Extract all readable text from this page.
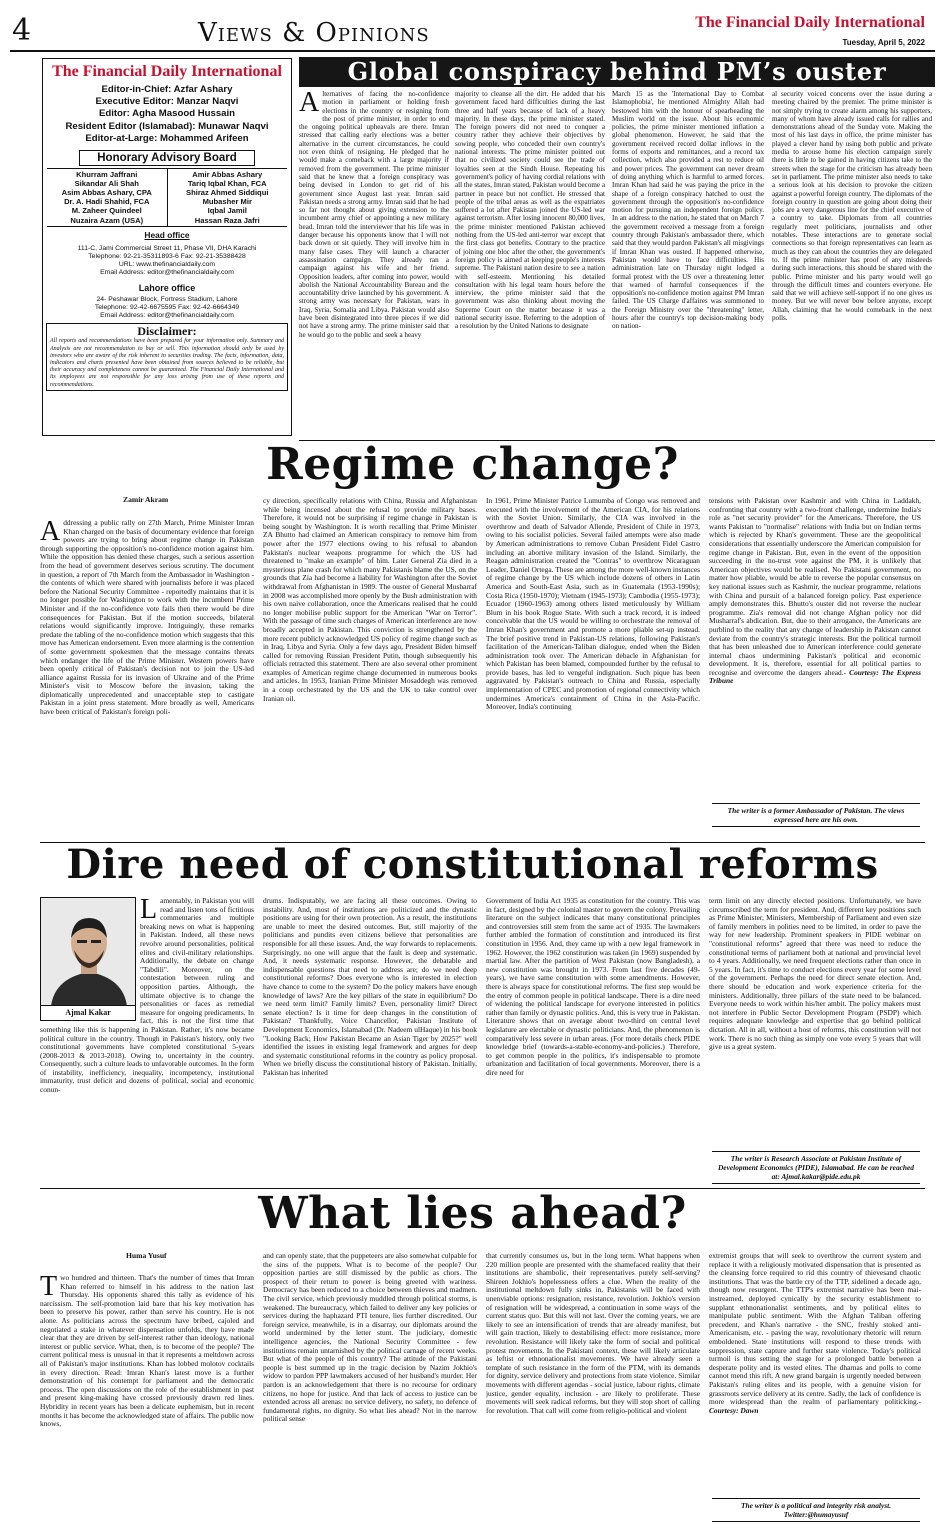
4	Views & Opinions	The Financial Daily International
Tuesday, April 5, 2022
The Financial Daily International
Editor-in-Chief: Azfar Ashary
Executive Editor: Manzar Naqvi
Editor: Agha Masood Hussain
Resident Editor (Islamabad): Munawar Naqvi
Editor-at-Large: Mohammed Arifeen
Honorary Advisory Board
Khurram Jaffrani
Sikandar Ali Shah
Asim Abbas Ashary, CPA
Dr. A. Hadi Shahid, FCA
M. Zaheer Quindeel
Nuzaira Azam (USA)
Amir Abbas Ashary
Tariq Iqbal Khan, FCA
Shiraz Ahmed Siddiqui
Mubasher Mir
Iqbal Jamil
Hassan Raza Jafri
Head office
111-C, Jami Commercial Street 11, Phase VII, DHA Karachi
Telephone: 92-21-35311893-6 Fax: 92-21-35388428
URL: www.thefinancialdaily.com
Email Address: editor@thefinancialdaily.com
Lahore office
24- Peshawar Block, Fortress Stadium, Lahore
Telephone: 92-42-6675595 Fax: 92-42-6664349
Email Address: editor@thefinancialdaily.com
Disclaimer:
All reports and recommendations have been prepared for your information only. Summary and Analysis are not recommendation to buy or sell. This information should only be used by investors who are aware of the risk inherent in securities trading. The facts, information, data, indicators and charts presented have been obtained from sources believed to be reliable, but their accuracy and completeness cannot be guaranteed. The Financial Daily International and its employees are not responsible for any loss arising from use of these reports and recommendations.
Global conspiracy behind PM’s ouster
A lternatives of facing the no-confidence motion in parliament or holding fresh elections in the country or resigning from the post of prime minister, in order to end the ongoing political upheavals are there. Imran stressed that calling early elections was a better alternative in the current circumstances, he could not even think of resigning. He pledged that he would make a comeback with a large majority if removed from the government. The prime minister said that he knew that a foreign conspiracy was being devised in London to get rid of his government since August last year. Imran said Pakistan needs a strong army. Imran said that he had so far not thought about giving extension to the incumbent army chief or appointing a new military head. Imran told the interviewer that his life was in danger because his opponents know that I will not back down or sit quietly. They will involve him in many false cases. They will launch a character assassination campaign. They already ran a campaign against his wife and her friend. Opposition leaders, after coming into power, would abolish the National Accountability Bureau and the accountability drive launched by his government. A strong army was necessary for Pakistan, wars in Iraq, Syria, Somalia and Libya. Pakistan would also have been disintegrated into three pieces if we did not have a strong army. The prime minister said that he would go to the public and seek a heavy
majority to cleanse all the dirt. He added that his government faced hard difficulties during the last three and half years because of lack of a heavy majority. In these days, the prime minister stated. The foreign powers did not need to conquer a country rather they achieve their objectives by sowing people, who conceded their own country's national interests. The prime minister pointed out that no civilized society could see the trade of loyalties seen at the Sindh House. Repeating his government's policy of having cordial relations with all the states, Imran stated, Pakistan would become a partner in peace but not conflict. He stressed that people of the tribal areas as well as the expatriates suffered a lot after Pakistan joined the US-led war against terrorism. After losing innocent 80,000 lives, the prime minister mentioned Pakistan achieved nothing from the US-led anti-terror war except that the first class got benefits. Contrary to the practice of joining one bloc after the other, the government's foreign policy is aimed at keeping people's interests supreme. The Pakistani nation desire to see a nation with self-esteem. Mentioning his detailed consultation with his legal team hours before the interview, the prime minister said that the government was also thinking about moving the Supreme Court on the matter because it was a national security issue. Referring to the adoption of a resolution by the United Nations to designate
March 15 as the 'International Day to Combat Islamophobia', he mentioned Almighty Allah had bestowed him with the honour of spearheading the Muslim world on the issue. About his economic policies, the prime minister mentioned inflation a global phenomenon. However, he said that the government received record dollar inflows in the forms of exports and remittances, and a record tax collection, which also provided a rest to reduce oil and power prices. The government can never dream of doing anything which is harmful to armed forces. Imran Khan had said he was paying the price in the shape of a foreign conspiracy hatched to oust the government through the opposition's no-confidence motion for pursuing an independent foreign policy. In an address to the nation, he stated that on March 7 the government received a message from a foreign country through Pakistan's ambassador there, which said that they would pardon Pakistan's all misgivings if Imran Khan was ousted. If happened otherwise, Pakistan would have to face difficulties. His administration late on Thursday night lodged a formal protest with the US over a threatening letter that warned of harmful consequences if the opposition's no-confidence motion against PM Imran failed. The US Charge d'affaires was summoned to the Foreign Ministry over the "threatening" letter, hours after the country's top decision-making body on nation-
al security voiced concerns over the issue during a meeting chaired by the premier. The prime minister is not simply trying to create alarm among his supporters, many of whom have already issued calls for rallies and demonstrations ahead of the Sunday vote. Making the most of his last days in office, the prime minister has played a clever hand by using both public and private media to arouse home his election campaign surely there is little to be gained in having citizens take to the streets when the stage for the criticism has already been set in parliament. The prime minister also needs to take a serious look at his decision to provoke the citizen against a powerful foreign country. The diplomats of the foreign country in question are going about doing their jobs are a very dangerous line for the chief executive of a country to take. Diplomats from all countries regularly meet politicians, journalists and other notables. These interactions are to generate social connections so that foreign representatives can learn as much as they can about the countries they are delegated to. If the prime minister has proof of any misdeeds during such interactions, this should be shared with the public. Prime minister and his party would well go through the difficult times and counters everyone. He said that we will achieve self-support if no one gives us money. But we will never bow before anyone, except Allah, claiming that he would comeback in the next polls.
Regime change?
Zamir Akram
A ddressing a public rally on 27th March, Prime Minister Imran Khan charged on the basis of documentary evidence that foreign powers are trying to bring about regime change in Pakistan through supporting the opposition's no-confidence motion against him. While the opposition has denied these charges, such a serious assertion from the head of government deserves serious scrutiny. The document in question, a report of 7th March from the Ambassador in Washington - the contents of which were shared with journalists before it was placed before the National Security Committee - reportedly maintains that it is no longer possible for Washington to work with the incumbent Prime Minister and if the no-confidence vote fails then there would be dire consequences for Pakistan. But if the motion succeeds, bilateral relations would significantly improve. Intriguingly, these remarks predate the tabling of the no-confidence motion which suggests that this move has American endorsement. Even more alarming is the contention of some government spokesmen that the message contains threats which endanger the life of the Prime Minister. Western powers have been openly critical of Pakistan's decision not to join the US-led alliance against Russia for its invasion of Ukraine and of the Prime Minister's visit to Moscow before the invasion, taking the diplomatically unprecedented and unacceptable step to castigate Pakistan in a joint press statement. More broadly as well, Americans have been critical of Pakistan's foreign poli-
cy direction, specifically relations with China, Russia and Afghanistan while being incensed about the refusal to provide military bases. Therefore, it would not be surprising if regime change in Pakistan is being sought by Washington. It is worth recalling that Prime Minister ZA Bhutto had claimed an American conspiracy to remove him from power after the 1977 elections owing to his refusal to abandon Pakistan's nuclear weapons programme for which the US had threatened to "make an example" of him. Later General Zia died in a mysterious plane crash for which many Pakistanis blame the US, on the grounds that Zia had become a liability for Washington after the Soviet withdrawal from Afghanistan in 1989. The ouster of General Musharraf in 2008 was accomplished more openly by the Bush administration with his own naive collaboration, once the Americans realised that he could no longer mobilise public support for the American "War on Terror". With the passage of time such charges of American interference are now broadly accepted in Pakistan. This conviction is strengthened by the more recent publicly acknowledged US policy of regime change such as in Iraq, Libya and Syria. Only a few days ago, President Biden himself called for removing Russian President Putin, though subsequently his officials retracted this statement. There are also several other prominent examples of American regime change documented in numerous books and articles. In 1953, Iranian Prime Minister Mosaddegh was removed in a coup orchestrated by the US and the UK to take control over Iranian oil.
In 1961, Prime Minister Patrice Lumumba of Congo was removed and executed with the involvement of the American CIA, for his relations with the Soviet Union. Similarly, the CIA was involved in the overthrow and death of Salvador Allende, President of Chile in 1973, owing to his socialist policies. Several failed attempts were also made by American administrations to remove Cuban President Fidel Castro including an abortive military invasion of the Island. Similarly, the Reagan administration created the "Contras" to overthrow Nicaraguan Leader, Daniel Ortega. These are among the more well-known instances of regime change by the US which include dozens of others in Latin America and South-East Asia, such as in Guatemala (1953-1990s); Costa Rica (1950-1970); Vietnam (1945-1973); Cambodia (1955-1973); Ecuador (1960-1963) among others listed meticulously by William Blum in his book Rogue State. With such a track record, it is indeed conceivable that the US would be willing to orchestrate the removal of Imran Khan's government and promote a more pliable set-up instead. The brief positive trend in Pakistan-US relations, following Pakistan's facilitation of the American-Taliban dialogue, ended when the Biden administration took over. The American debacle in Afghanistan for which Pakistan has been blamed, compounded further by the refusal to provide bases, has led to vengeful indignation. Such pique has been aggravated by Pakistan's outreach to China and Russia, especially implementation of CPEC and promotion of regional connectivity which undermines America's containment of China in the Asia-Pacific. Moreover, India's continuing
tensions with Pakistan over Kashmir and with China in Laddakh, confronting that country with a two-front challenge, undermine India's role as "net security provider" for the Americans. Therefore, the US wants Pakistan to "normalise" relations with India but on Indian terms which is rejected by Khan's government. These are the geopolitical considerations that essentially underscore the American compulsion for regime change in Pakistan. But, even in the event of the opposition succeeding in the no-trust vote against the PM, it is unlikely that American objectives would be realised. No Pakistani government, no matter how pliable, would be able to reverse the popular consensus on key national issues such as Kashmir, the nuclear programme, relations with China and pursuit of a balanced foreign policy. Past experience amply demonstrates this. Bhutto's ouster did not reverse the nuclear programme. Zia's removal did not change Afghan policy nor did Musharraf's abdication. But, due to their arrogance, the Americans are purblind to the reality that any change of leadership in Pakistan cannot deviate from the country's strategic interests. But the political turmoil that has been unleashed due to American interference could generate internal chaos undermining Pakistan's political and economic development. It is, therefore, essential for all political parties to recognise and overcome the dangers ahead.- Courtesy: The Express Tribune
The writer is a former Ambassador of Pakistan. The views expressed here are his own.
Dire need of constitutional reforms
Ajmal Kakar
L amentably, in Pakistan you will read and listen tons of fictitious commentaries and multiple breaking news on what is happening in Pakistan. Indeed, all these news revolve around personalities, political elites and civil-military relationships. Additionally, the debate on change "Tabdili". Moreover, on the contestation between ruling and opposition parties. Although, the ultimate objective is to change the personalities or faces as remedial measure for ongoing predicaments. In fact, this is not the first time that something like this is happening in Pakistan. Rather, it's now became political culture in the country. Though in Pakistan's history, only two constitutional governments have completed constitutional 5-years (2008-2013 & 2013-2018). Owing to, uncertainty in the country. Consequently, such a culture leads to unfavorable outcomes. In the form of instability, inefficiency, inequality, incompetency, institutional immaturity, trust deficit and dozens of political, social and economic conun-
drums. Indisputably, we are facing all these outcomes. Owing to instability. And, most of institutions are politicized and the dynastic positions are using for their own protection. As a result, the institutions are unable to meet the desired outcomes. But, still majority of the politicians and pundits even citizens believe that personalities are responsible for all these issues. And, the way forwards to replacements. Surprisingly, no one will argue that the fault is deep and systematic. And, it needs systematic response. However, the debatable and indispensable questions that need to address are; do we need deep constitutional reforms? Does everyone who is interested in election have chance to come to the system? Do the policy makers have enough knowledge of laws? Are the key pillars of the state in equilibrium? Do we need term limit? Family limits? Even, personality limit? Direct senate election? Is it time for deep changes in the constitution of Pakistan? Thankfully, Voice Chancellor, Pakistan Institute of Development Economics, Islamabad (Dr. Nadeem ulHaque) in his book "Looking Back; How Pakistan Became an Asian Tiger by 2025?" well identified the issues in existing legal framework and argues for deep and systematic constitutional reforms in the country as policy proposal. When we briefly discuss the constitutional history of Pakistan. Initially, Pakistan has inherited
Government of India Act 1935 as constitution for the country. This was in fact, designed by the colonial master to govern the colony. Prevailing literature on the subject indicates that many constitutional principles and controversies still stem from the same act of 1935. The lawmakers further ambled the formation of constitution and introduced its first constitution in 1956. And, they came up with a new legal framework in 1962. However, the 1962 constitution was taken (in 1969) suspended by martial law. After the partition of West Pakistan (now Bangladesh), a new constitution was brought in 1973. From last five decades (49-years), we have same constitution with some amendments. However, there is always space for constitutional reforms. The first step would be the entry of common people in political landscape. There is a dire need of widening the political landscape for everyone interested in politics rather than family or dynastic politics. And, this is very true in Pakistan. Literature shows that on average about two-third on central level legislature are electable or dynastic politicians. And, the phenomenon is comparatively less severe in urban areas. (For more details check PIDE knowledge brief (towards-a-stable-economy-and-policies.) Therefore, to get common people in the politics, it's indispensable to promote urbanization and facilitation of local governments. Moreover, there is a dire need for
term limit on any directly elected positions. Unfortunately, we have circumscribed the term for president. And, different key positions such as Prime Minister, Ministers, Membership of Parliament and even size of family members in polities need to be limited, in order to pave the way for new leadership. Prominent speakers in PIDE webinar on "constitutional reforms" agreed that there was need to reduce the constitutional terms of parliament both at national and provincial level to 4 years. Additionally, we need frequent elections rather than once in 5 years. In fact, it's time to conduct elections every year for some level of the government. Perhaps the need for direct senate election. And, there should be education and work experience criteria for the ministers. Additionally, three pillars of the state need to be balanced. Everyone needs to work within his/her ambit. The policy makers must not interfere in Public Sector Development Program (PSDP) which requires adequate knowledge and expertise that go behind political dictation. All in all, without a host of reforms, this constitution will not work. There is no such thing as simply one vote every 5 years that will give us a great system.
The writer is Research Associate at Pakistan Institute of Development Economics (PIDE), Islamabad. He can be reached at: Ajmal.kakar@pide.edu.pk
What lies ahead?
Huma Yusuf
T wo hundred and thirteen. That's the number of times that Imran Khan referred to himself in his address to the nation last Thursday. His opponents shared this tally as evidence of his narcissism. The self-promotion laid bare that his key motivation has been to preserve his power, rather than serve his country. He is not alone. As politicians across the spectrum have bribed, cajoled and negotiated a stake in whatever dispensation unfolds, they have made clear that they are driven by self-interest rather than ideology, national interest or public service. What, then, is to become of the people? The current political mess is unusual in that it represents a meltdown across all of Pakistan's major institutions. Khan has lobbed molotov cocktails in every direction. Read: Imran Khan's latest move is a further demonstration of his contempt for parliament and the democratic process. The open discussions on the role of the establishment in past and present king-making have crossed previously drawn red lines. Hybridity in recent years has been a delicate euphemism, but in recent months it has become the acknowledged state of affairs. The public now knows,
and can openly state, that the puppeteers are also somewhat culpable for the sins of the puppets. What is to become of the people? Our opposition parties are still dismissed by the public as chors. The prospect of their return to power is being greeted with wariness. Democracy has been reduced to a choice between thieves and madmen. The civil service, which previously muddled through political storms, is weakened. The bureaucracy, which failed to deliver any key policies or services during the haphazard PTI tenure, lies further discredited. Our foreign service, meanwhile, is in a disarray, our diplomats around the world undermined by the letter stunt. The judiciary, domestic intelligence agencies, the National Security Committee - few institutions remain untarnished by the political carnage of recent weeks. But what of the people of this country? The attitude of the Pakistani people is best summed up in the tragic decision by Nazim Jokhio's widow to pardon PPP lawmakers accused of her husband's murder. Her pardon is an acknowledgement that there is no recourse for ordinary citizens, no hope for justice. And that lack of access to justice can be extended across all arenas: no service delivery, no safety, no defence of fundamental rights, no dignity. So what lies ahead? Not in the narrow political sense
that currently consumes us, but in the long term. What happens when 220 million people are presented with the shamefaced reality that their institutions are shambolic, their representatives purely self-serving? Shireen Jokhio's hopelessness offers a clue. When the reality of the institutional meltdown fully sinks in, Pakistanis will be faced with unenviable options: resignation, resistance, revolution. Jokhio's version of resignation will be widespread, a continuation in some ways of the current status quo. But this will not last. Over the coming years, we are likely to see an intensification of trends that are already manifest, but will gain traction, likely to destabilising effect: more resistance, more revolution. Resistance will likely take the form of social and political protest movements. In the Pakistani context, these will likely articulate as leftist or ethnonationalist movements. We have already seen a template of such resistance in the form of the PTM, with its demands for dignity, service delivery and protections from state violence. Similar movements with different agendas - social justice, labour rights, climate justice, gender equality, inclusion - are likely to proliferate. These movements will seek radical reforms, but they will stop short of calling for revolution. That call will come from religio-political and violent
extremist groups that will seek to overthrow the current system and replace it with a religiously motivated dispensation that is presented as the cleansing force required to rid this country of thievesand chaotic institutions. That was the battle cry of the TTP, sidelined a decade ago, though now resurgent. The TTP's extremist narrative has been mai-instreamed, deployed cynically by the security establishment to supplant ethnonationalist sentiments, and by political elites to manipulate public sentiment. With the Afghan Taliban offering precedent, and Khan's narrative - the SNC, freshly stoked anti-Americanism, etc. - paving the way, revolutionary rhetoric will return emboldened. State institutions will respond to these trends with suppression, state capture and further state violence. Today's political turmoil is thus setting the stage for a prolonged battle between a desperate polity and its vested elites. The dharnas and polls to come cannot mend this rift. A new grand bargain is urgently needed between Pakistan's ruling elites and its people, with a genuine vision for grassroots service delivery at its centre. Sadly, the lack of confidence is more widespread than the realm of parliamentary politicking.- Courtesy: Dawn
The writer is a political and integrity risk analyst. Twitter:@humayusuf
